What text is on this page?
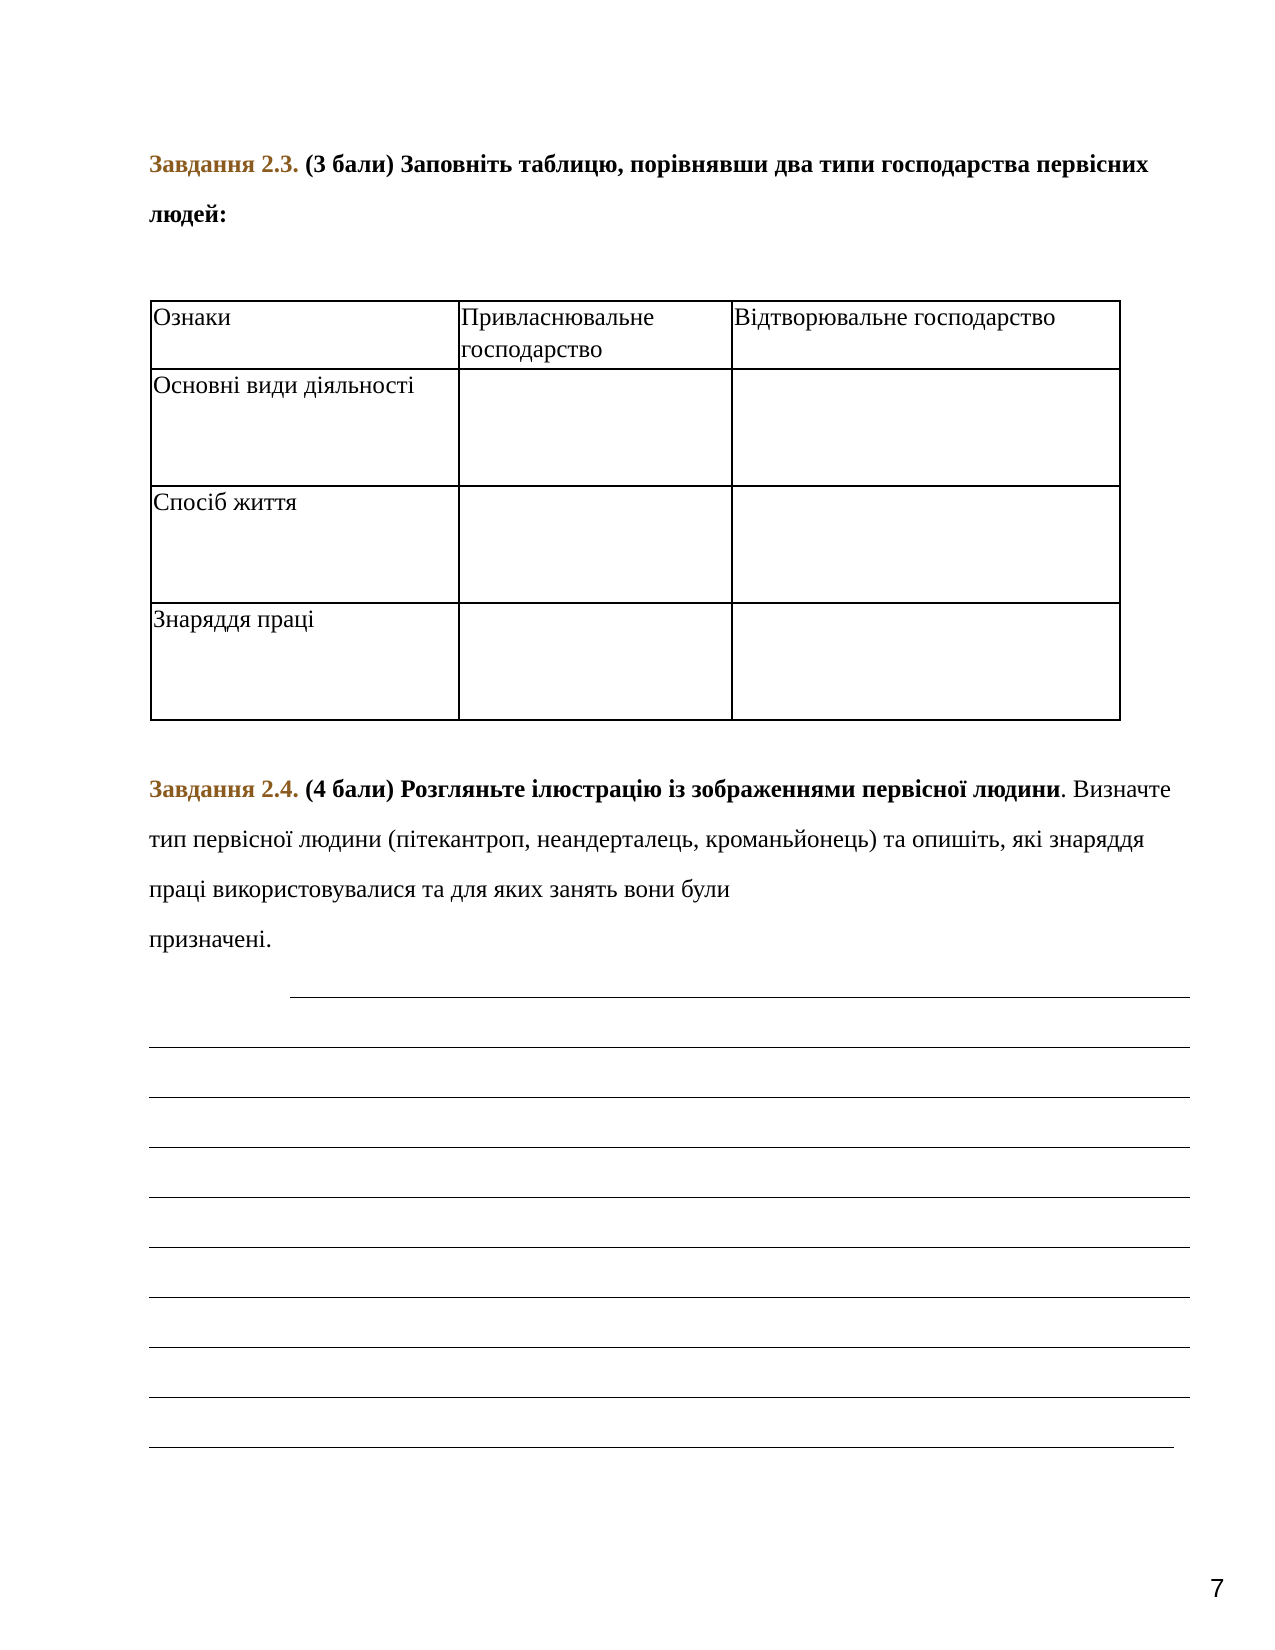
Завдання 2.3. (3 бали) Заповніть таблицю, порівнявши два типи господарства первісних людей:

Ознаки	Привласнювальне господарство	Відтворювальне господарство

Основні види діяльності		

Спосіб життя		

Знаряддя праці		

Завдання 2.4. (4 бали) Розгляньте ілюстрацію із зображеннями первісної людини. Визначте тип первісної людини (пітекантроп, неандерталець, кроманьйонець) та опишіть, які знаряддя праці використовувалися та для яких занять вони були
призначені.

7
